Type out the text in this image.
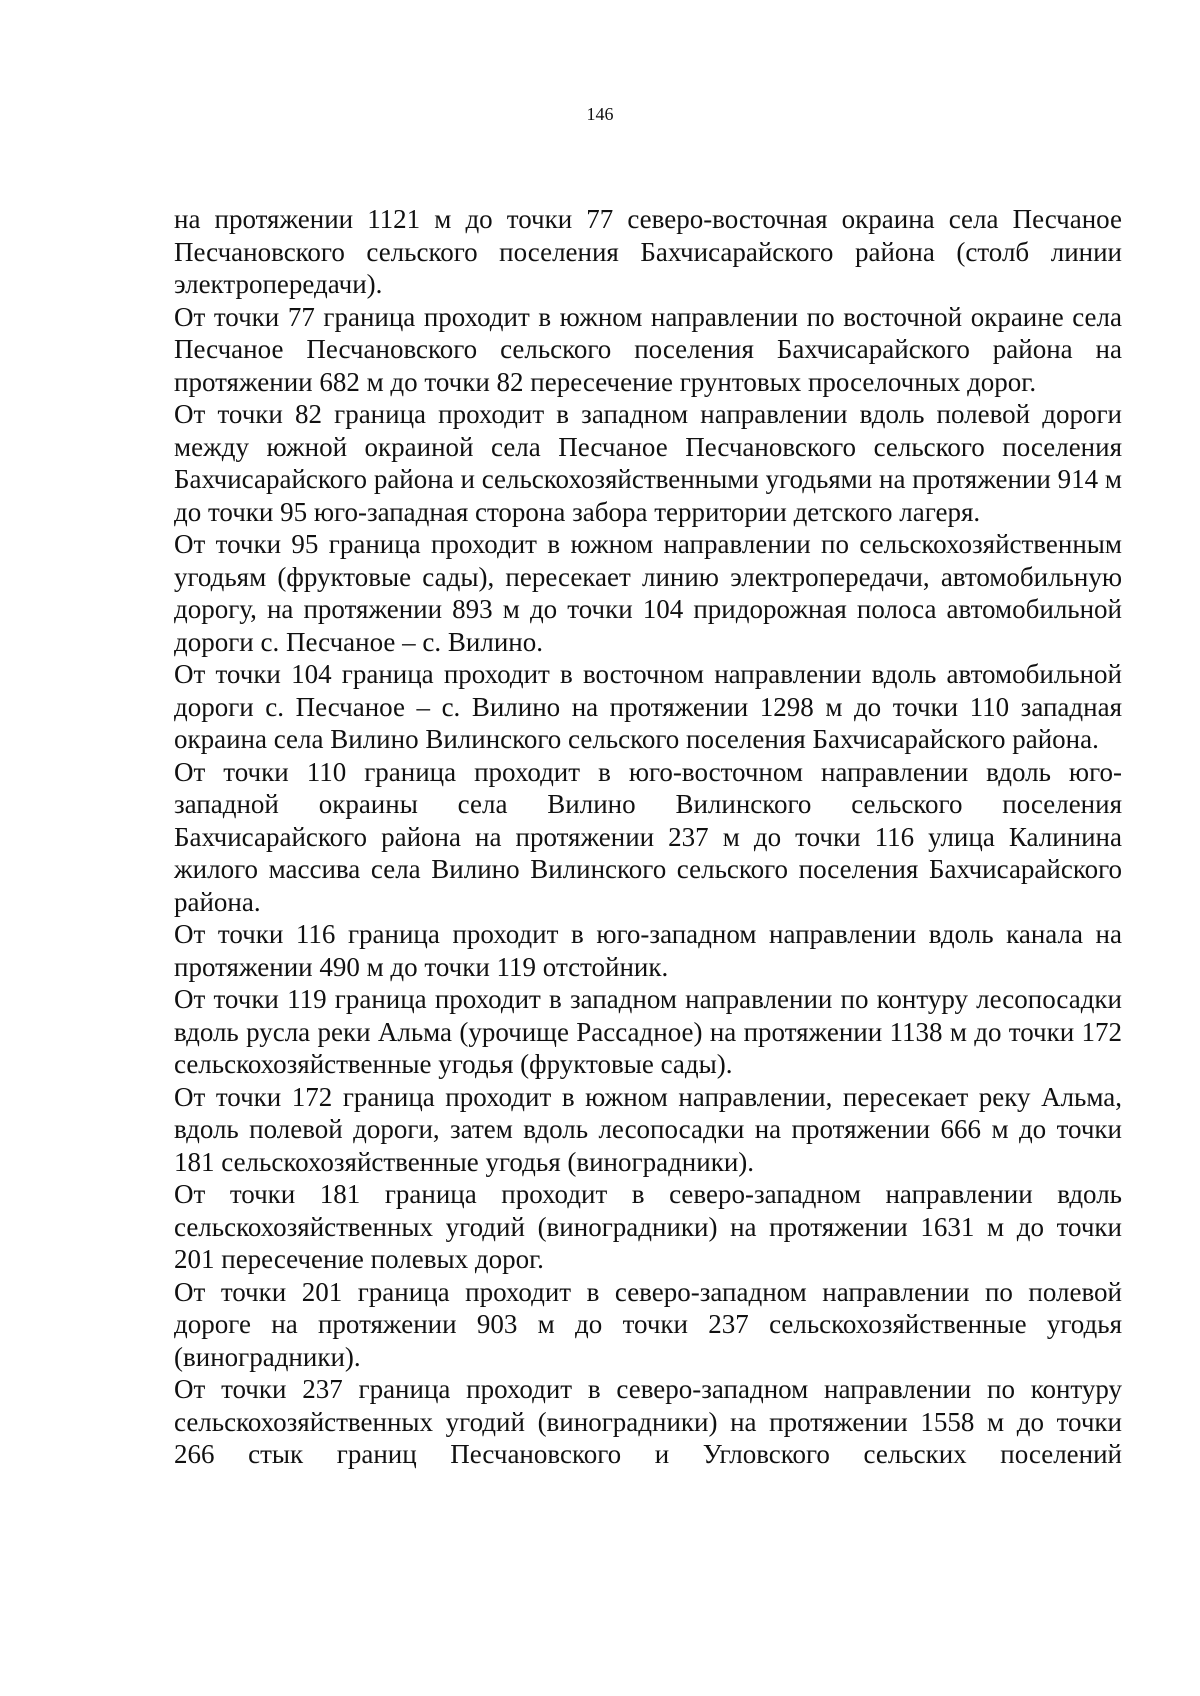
146

на протяжении 1121 м до точки 77 северо-восточная окраина села Песчаное Песчановского сельского поселения Бахчисарайского района (столб линии электропередачи).

От точки 77 граница проходит в южном направлении по восточной окраине села Песчаное Песчановского сельского поселения Бахчисарайского района на протяжении 682 м до точки 82 пересечение грунтовых проселочных дорог.

От точки 82 граница проходит в западном направлении вдоль полевой дороги между южной окраиной села Песчаное Песчановского сельского поселения Бахчисарайского района и сельскохозяйственными угодьями на протяжении 914 м до точки 95 юго-западная сторона забора территории детского лагеря.

От точки 95 граница проходит в южном направлении по сельскохозяйственным угодьям (фруктовые сады), пересекает линию электропередачи, автомобильную дорогу, на протяжении 893 м до точки 104 придорожная полоса автомобильной дороги с. Песчаное – с. Вилино.

От точки 104 граница проходит в восточном направлении вдоль автомобильной дороги с. Песчаное – с. Вилино на протяжении 1298 м до точки 110 западная окраина села Вилино Вилинского сельского поселения Бахчисарайского района.

От точки 110 граница проходит в юго-восточном направлении вдоль юго-западной окраины села Вилино Вилинского сельского поселения Бахчисарайского района на протяжении 237 м до точки 116 улица Калинина жилого массива села Вилино Вилинского сельского поселения Бахчисарайского района.

От точки 116 граница проходит в юго-западном направлении вдоль канала на протяжении 490 м до точки 119 отстойник.

От точки 119 граница проходит в западном направлении по контуру лесопосадки вдоль русла реки Альма (урочище Рассадное) на протяжении 1138 м до точки 172 сельскохозяйственные угодья (фруктовые сады).

От точки 172 граница проходит в южном направлении, пересекает реку Альма, вдоль полевой дороги, затем вдоль лесопосадки на протяжении 666 м до точки 181 сельскохозяйственные угодья (виноградники).

От точки 181 граница проходит в северо-западном направлении вдоль сельскохозяйственных угодий (виноградники) на протяжении 1631 м до точки 201 пересечение полевых дорог.

От точки 201 граница проходит в северо-западном направлении по полевой дороге на протяжении 903 м до точки 237 сельскохозяйственные угодья (виноградники).

От точки 237 граница проходит в северо-западном направлении по контуру сельскохозяйственных угодий (виноградники) на протяжении 1558 м до точки 266 стык границ Песчановского и Угловского сельских поселений
